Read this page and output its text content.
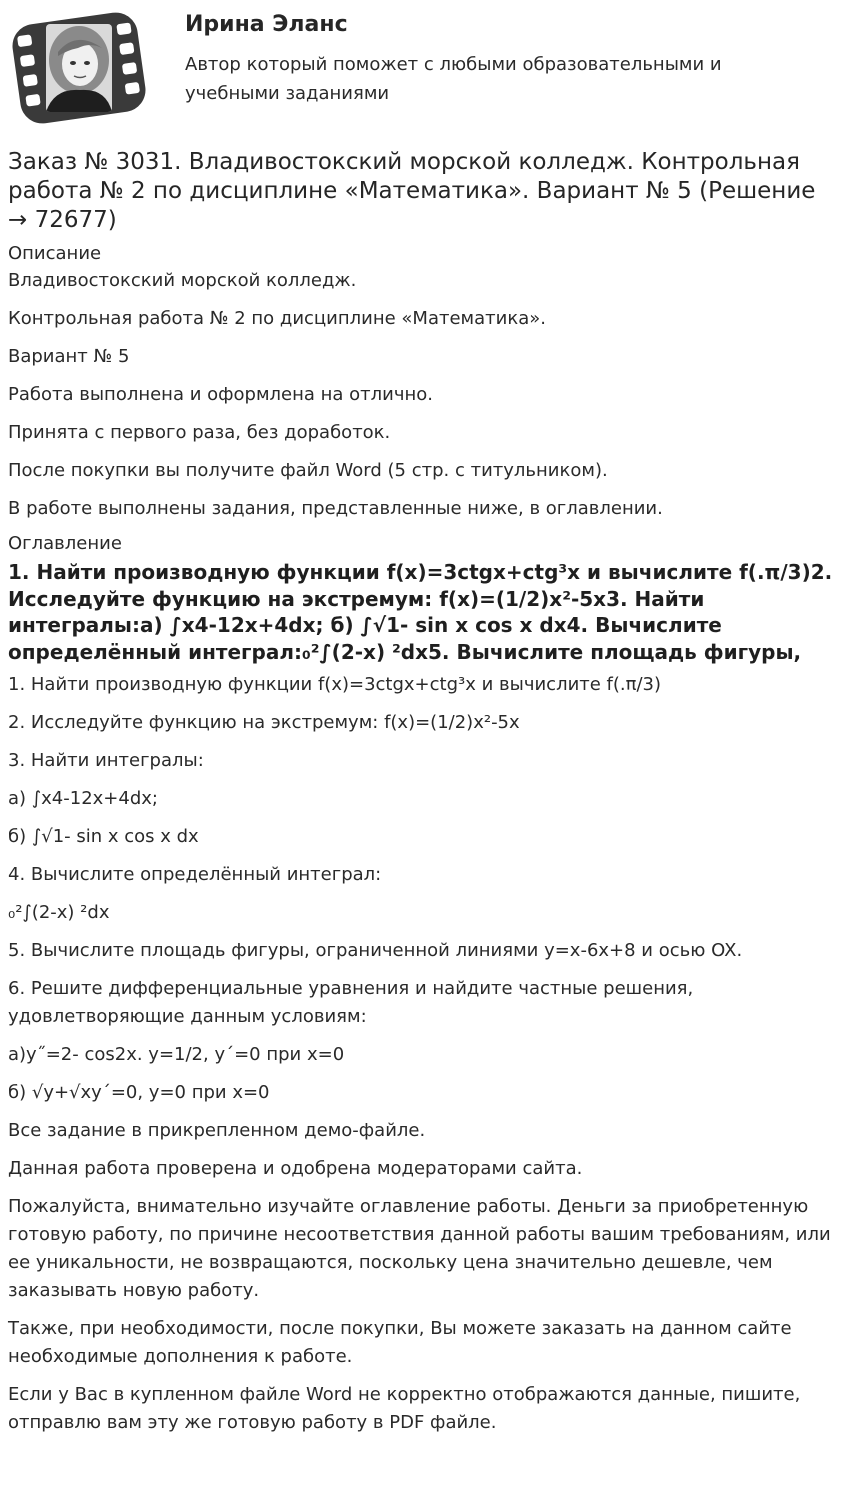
Ирина Эланс
Автор который поможет с любыми образовательными и учебными заданиями
Заказ № 3031. Владивостокский морской колледж. Контрольная работа № 2 по дисциплине «Математика». Вариант № 5 (Решение → 72677)
Описание

Владивостокский морской колледж.

Контрольная работа № 2 по дисциплине «Математика».

Вариант № 5

Работа выполнена и оформлена на отлично.

Принята с первого раза, без доработок.

После покупки вы получите файл Word (5 стр. с титульником).

В работе выполнены задания, представленные ниже, в оглавлении.

Оглавление
1. Найти производную функции f(x)=3ctgx+ctg³x и вычислите f(.π/3)2. Исследуйте функцию на экстремум: f(x)=(1/2)x²-5x3. Найти интегралы:а) ∫x4-12x+4dx; б) ∫√1- sin x cos x dx4. Вычислите определённый интеграл:₀²∫(2-x) ²dx5. Вычислите площадь фигуры,

1. Найти производную функции f(x)=3ctgx+ctg³x и вычислите f(.π/3)

2. Исследуйте функцию на экстремум: f(x)=(1/2)x²-5x

3. Найти интегралы:

а) ∫x4-12x+4dx;

б) ∫√1- sin x cos x dx

4. Вычислите определённый интеграл:

₀²∫(2-x) ²dx

5. Вычислите площадь фигуры, ограниченной линиями y=x-6x+8 и осью OX.

6. Решите дифференциальные уравнения и найдите частные решения, удовлетворяющие данным условиям:

а)y˝=2- cos2x. y=1/2, y΄=0 при x=0

б) √y+√xy΄=0, y=0 при x=0

Все задание в прикрепленном демо-файле.

Данная работа проверена и одобрена модераторами сайта.

Пожалуйста, внимательно изучайте оглавление работы. Деньги за приобретенную готовую работу, по причине несоответствия данной работы вашим требованиям, или ее уникальности, не возвращаются, поскольку цена значительно дешевле, чем заказывать новую работу.

Также, при необходимости, после покупки, Вы можете заказать на данном сайте необходимые дополнения к работе.

Если у Вас в купленном файле Word не корректно отображаются данные, пишите, отправлю вам эту же готовую работу в PDF файле.
